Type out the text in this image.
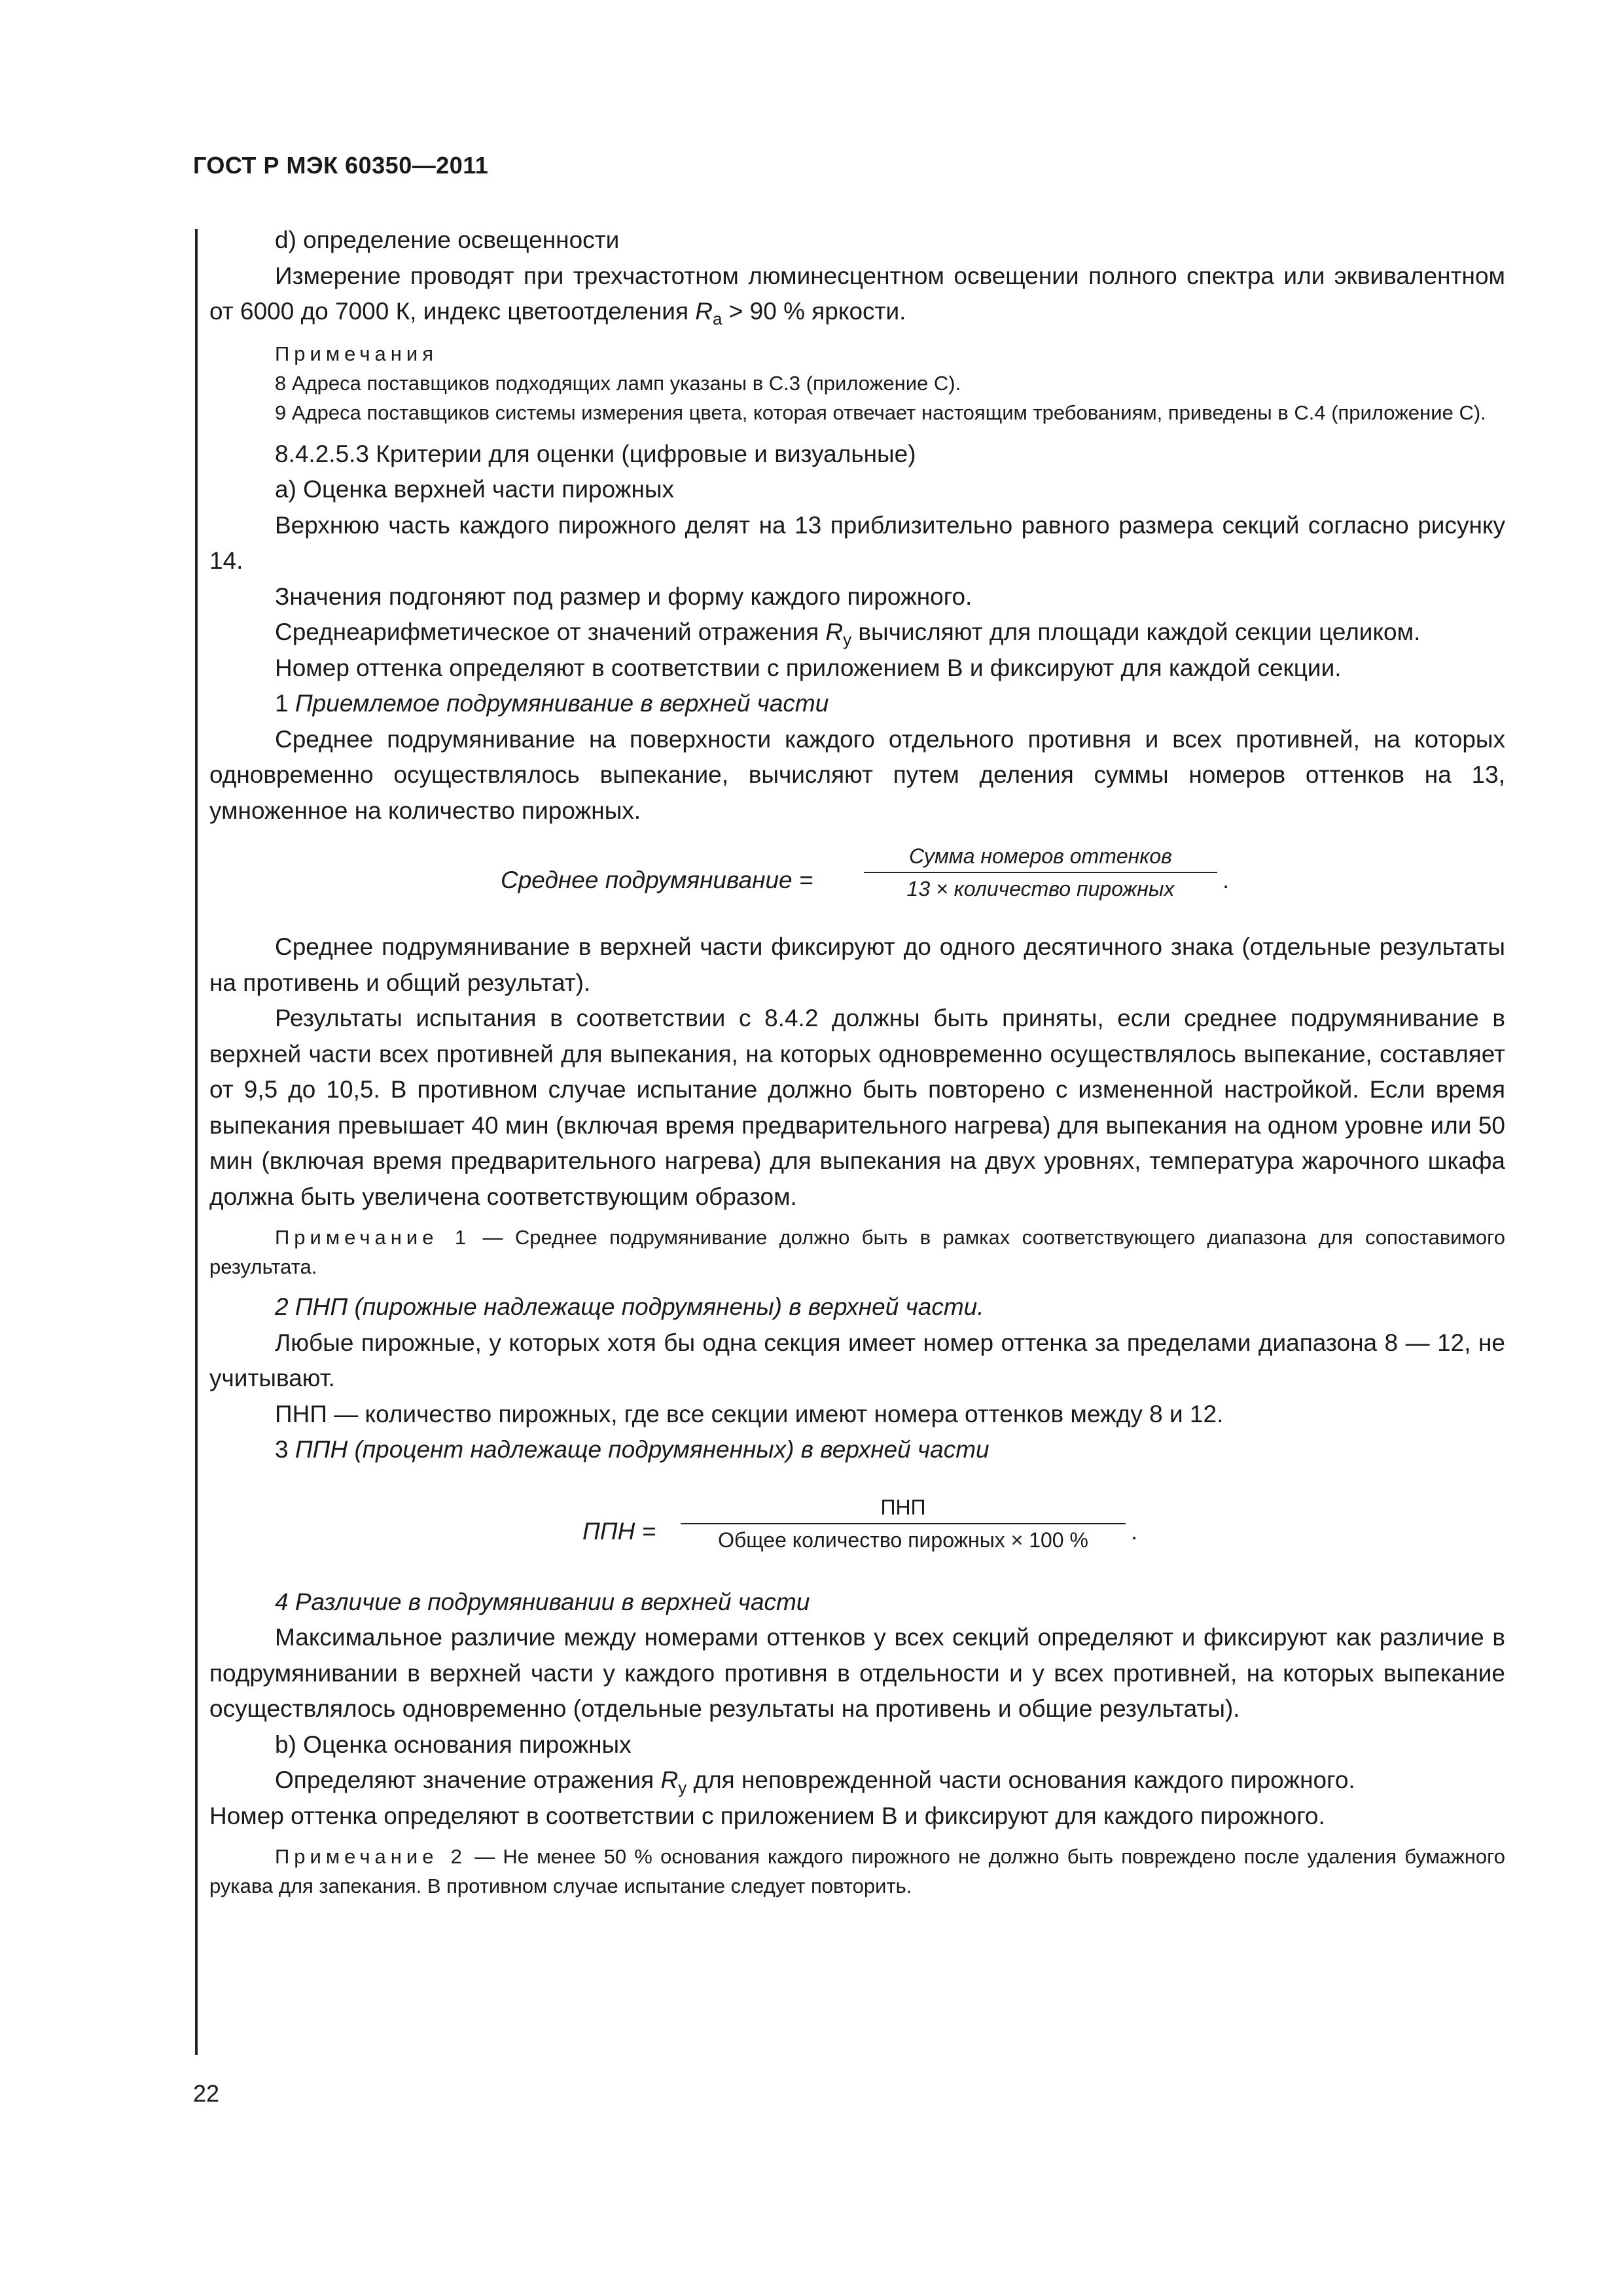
ГОСТ Р МЭК 60350—2011

d) определение освещенности

Измерение проводят при трехчастотном люминесцентном освещении полного спектра или эквивалентном от 6000 до 7000 К, индекс цветоотделения $R_a > 90$ % яркости.

Примечания

8 Адреса поставщиков подходящих ламп указаны в С.3 (приложение С).

9 Адреса поставщиков системы измерения цвета, которая отвечает настоящим требованиям, приведены в С.4 (приложение С).

8.4.2.5.3 Критерии для оценки (цифровые и визуальные)

а) Оценка верхней части пирожных

Верхнюю часть каждого пирожного делят на 13 приблизительно равного размера секций согласно рисунку 14.

Значения подгоняют под размер и форму каждого пирожного.

Среднеарифметическое от значений отражения $R_y$ вычисляют для площади каждой секции целиком.

Номер оттенка определяют в соответствии с приложением В и фиксируют для каждой секции.

1 Приемлемое подрумянивание в верхней части

Среднее подрумянивание на поверхности каждого отдельного противня и всех противней, на которых одновременно осуществлялось выпекание, вычисляют путем деления суммы номеров оттенков на 13, умноженное на количество пирожных.

Среднее подрумянивание =
Сумма номеров оттенков
13 × количество пирожных	.

Среднее подрумянивание в верхней части фиксируют до одного десятичного знака (отдельные результаты на противень и общий результат).

Результаты испытания в соответствии с 8.4.2 должны быть приняты, если среднее подрумянивание в верхней части всех противней для выпекания, на которых одновременно осуществлялось выпекание, составляет от 9,5 до 10,5. В противном случае испытание должно быть повторено с измененной настройкой. Если время выпекания превышает 40 мин (включая время предварительного нагрева) для выпекания на одном уровне или 50 мин (включая время предварительного нагрева) для выпекания на двух уровнях, температура жарочного шкафа должна быть увеличена соответствующим образом.

Примечание 1 — Среднее подрумянивание должно быть в рамках соответствующего диапазона для сопоставимого результата.

2 ПНП (пирожные надлежаще подрумянены) в верхней части.

Любые пирожные, у которых хотя бы одна секция имеет номер оттенка за пределами диапазона 8 — 12, не учитывают.

ПНП — количество пирожных, где все секции имеют номера оттенков между 8 и 12.

3 ППН (процент надлежаще подрумяненных) в верхней части

ППН =
ПНП
Общее количество пирожных × 100 %	.

4 Различие в подрумянивании в верхней части

Максимальное различие между номерами оттенков у всех секций определяют и фиксируют как различие в подрумянивании в верхней части у каждого противня в отдельности и у всех противней, на которых выпекание осуществлялось одновременно (отдельные результаты на противень и общие результаты).

b) Оценка основания пирожных

Определяют значение отражения $R_y$ для неповрежденной части основания каждого пирожного.

Номер оттенка определяют в соответствии с приложением В и фиксируют для каждого пирожного.

Примечание 2 — Не менее 50 % основания каждого пирожного не должно быть повреждено после удаления бумажного рукава для запекания. В противном случае испытание следует повторить.

22
